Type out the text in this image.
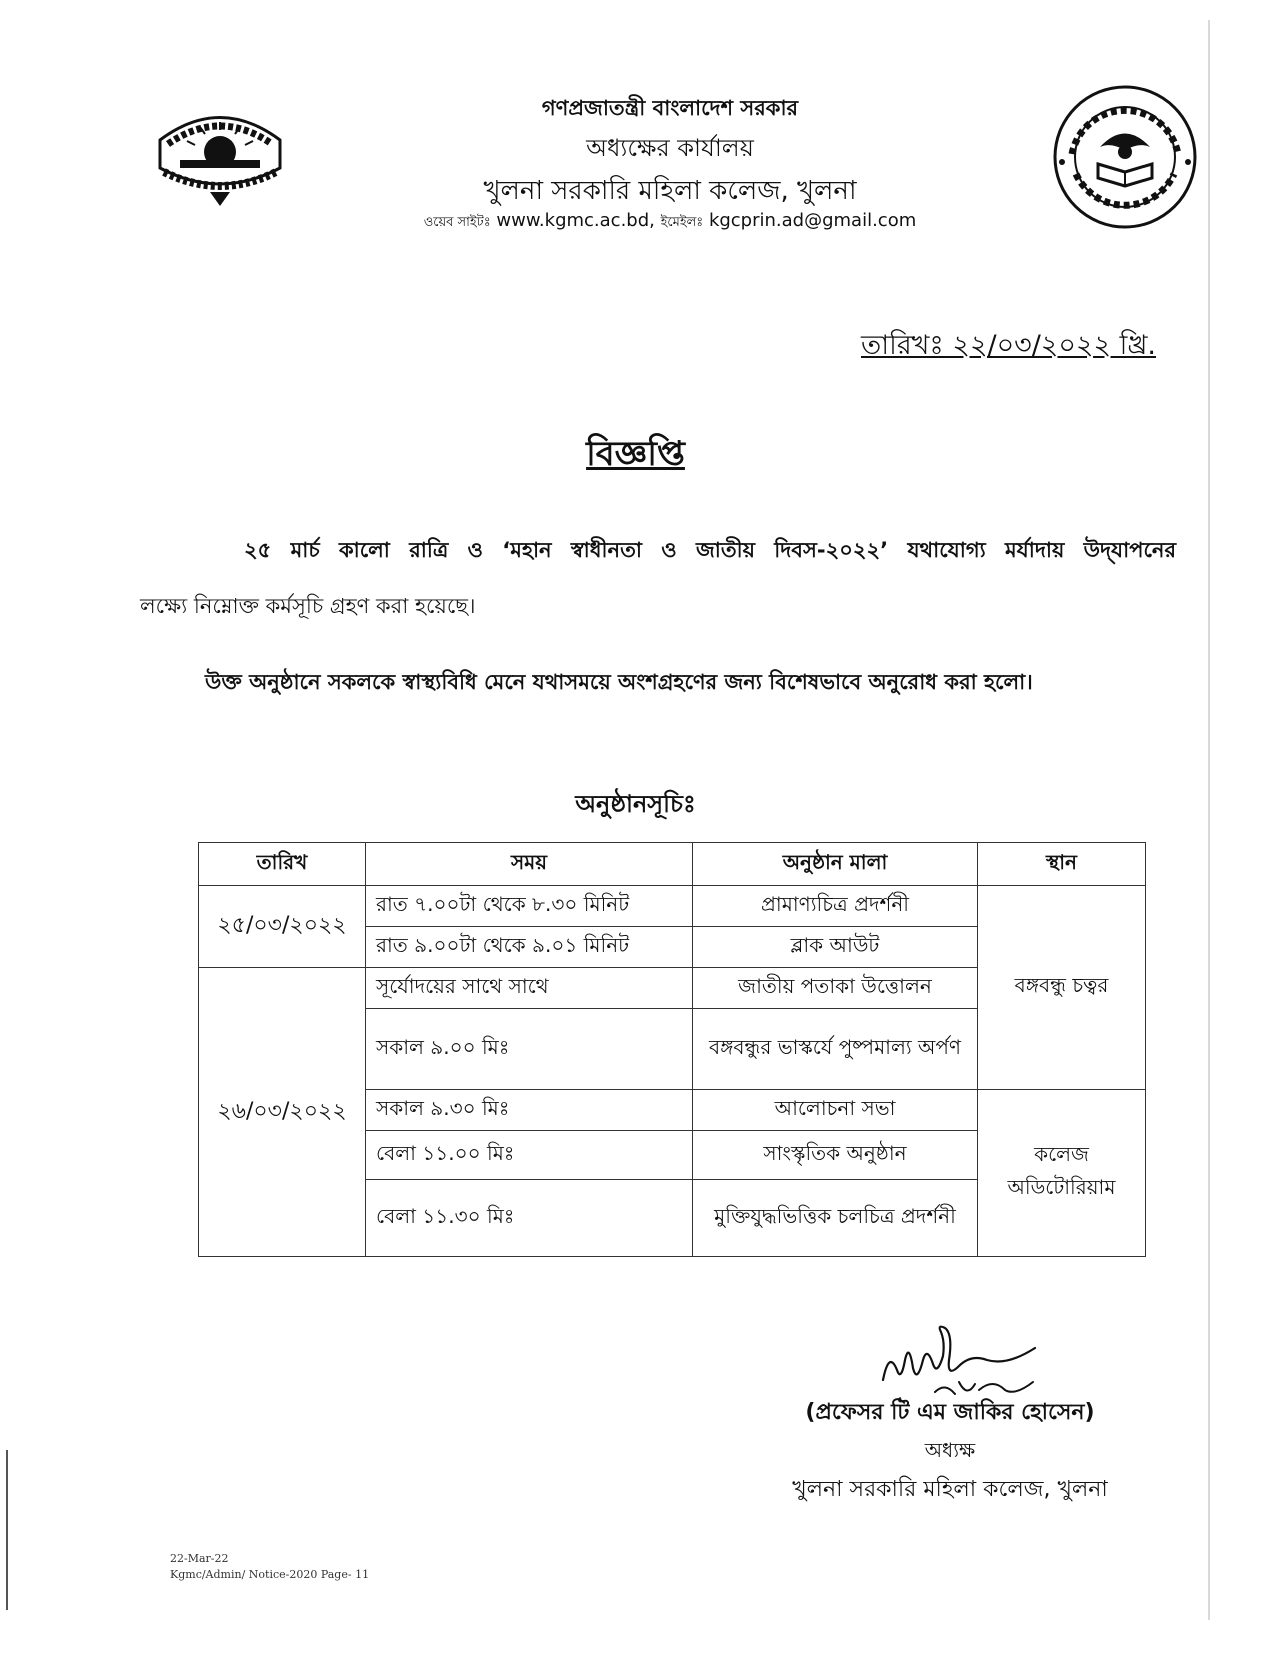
গণপ্রজাতন্ত্রী বাংলাদেশ সরকার
অধ্যক্ষের কার্যালয়
খুলনা সরকারি মহিলা কলেজ, খুলনা
ওয়েব সাইটঃ www.kgmc.ac.bd, ইমেইলঃ kgcprin.ad@gmail.com
তারিখঃ ২২/০৩/২০২২ খ্রি.
বিজ্ঞপ্তি
২৫ মার্চ কালো রাত্রি ও ‘মহান স্বাধীনতা ও জাতীয় দিবস-২০২২’ যথাযোগ্য মর্যাদায় উদ্‌যাপনের
লক্ষ্যে নিম্নোক্ত কর্মসূচি গ্রহণ করা হয়েছে।
উক্ত অনুষ্ঠানে সকলকে স্বাস্থ্যবিধি মেনে যথাসময়ে অংশগ্রহণের জন্য বিশেষভাবে অনুরোধ করা হলো।
অনুষ্ঠানসূচিঃ
তারিখ	সময়	অনুষ্ঠান মালা	স্থান
২৫/০৩/২০২২	রাত ৭.০০টা থেকে ৮.৩০ মিনিট	প্রামাণ্যচিত্র প্রদর্শনী	বঙ্গবন্ধু চত্বর
	রাত ৯.০০টা থেকে ৯.০১ মিনিট	ব্লাক আউট	
২৬/০৩/২০২২	সূর্যোদয়ের সাথে সাথে	জাতীয় পতাকা উত্তোলন	
	সকাল ৯.০০ মিঃ	বঙ্গবন্ধুর ভাস্কর্যে পুষ্পমাল্য অর্পণ	
	সকাল ৯.৩০ মিঃ	আলোচনা সভা	কলেজ অডিটোরিয়াম
	বেলা ১১.০০ মিঃ	সাংস্কৃতিক অনুষ্ঠান	
	বেলা ১১.৩০ মিঃ	মুক্তিযুদ্ধভিত্তিক চলচিত্র প্রদর্শনী	
(প্রফেসর টি এম জাকির হোসেন)
অধ্যক্ষ
খুলনা সরকারি মহিলা কলেজ, খুলনা
22-Mar-22
Kgmc/Admin/ Notice-2020 Page- 11
